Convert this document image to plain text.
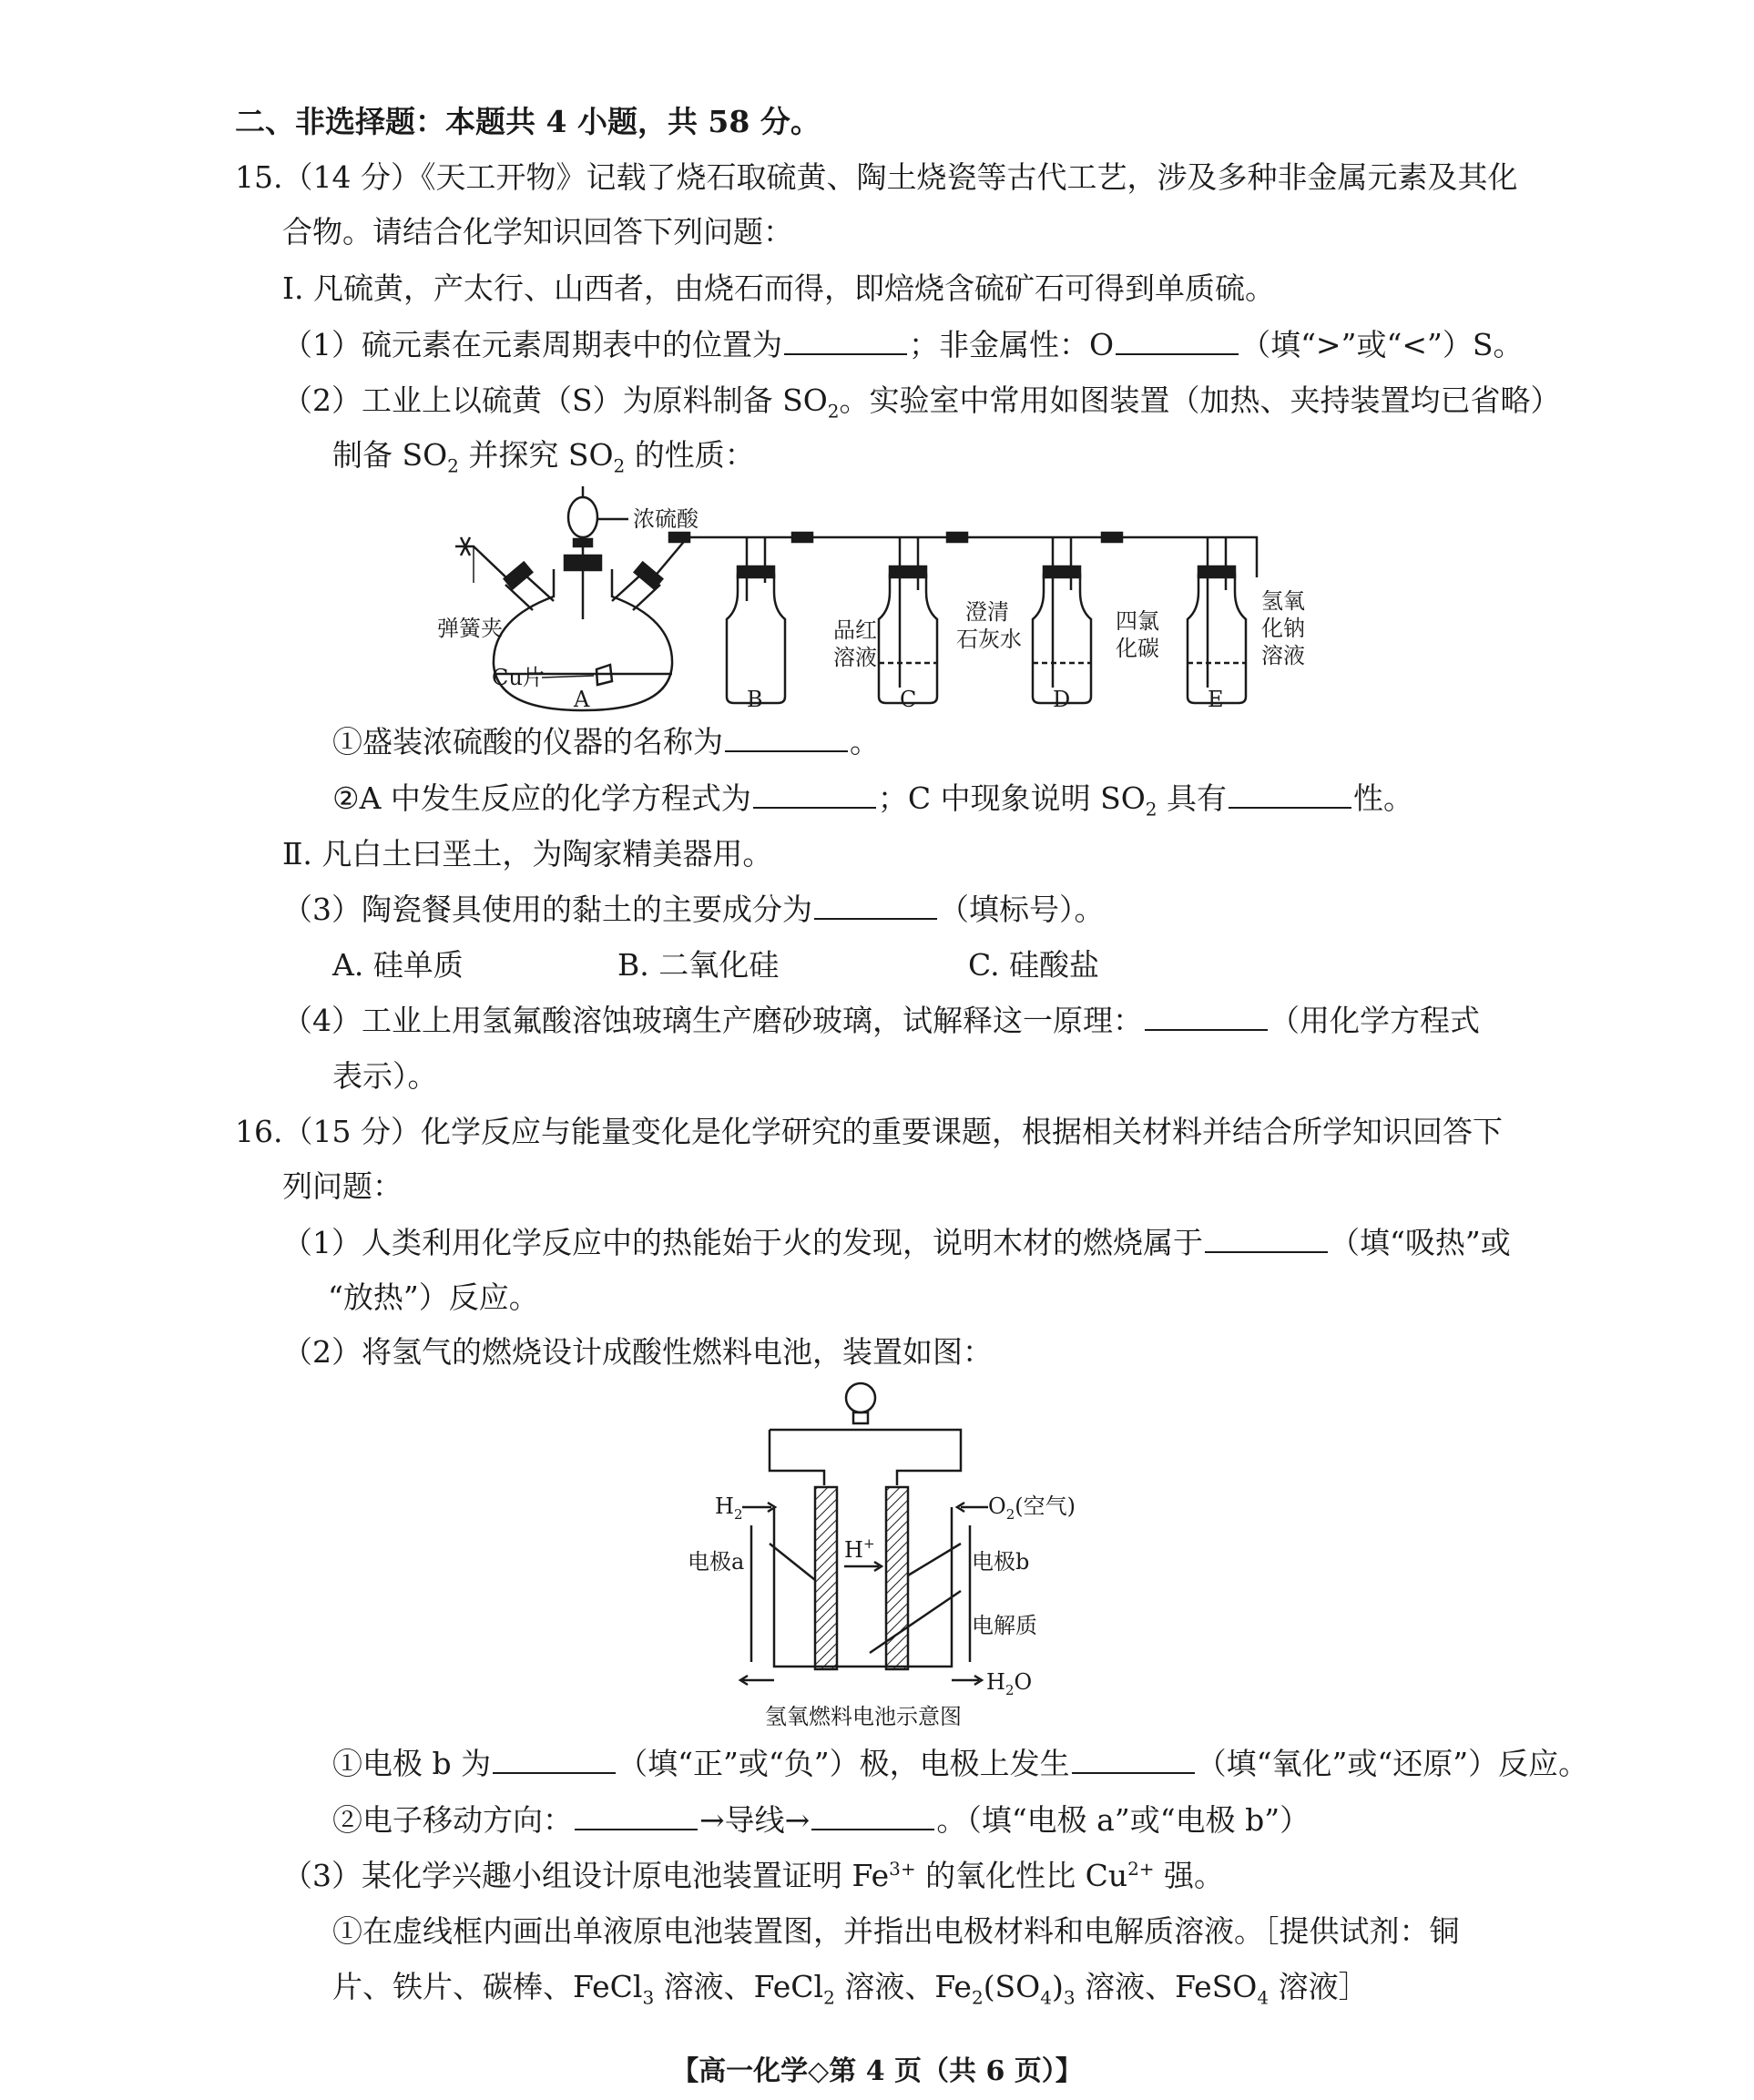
二、非选择题：本题共 4 小题，共 58 分。
15.（14 分）《天工开物》记载了烧石取硫黄、陶土烧瓷等古代工艺，涉及多种非金属元素及其化
合物。请结合化学知识回答下列问题：
Ⅰ. 凡硫黄，产太行、山西者，由烧石而得，即焙烧含硫矿石可得到单质硫。
（1）硫元素在元素周期表中的位置为	；非金属性：O	（填“>”或“<”）S。
（2）工业上以硫黄（S）为原料制备 $SO_2$。实验室中常用如图装置（加热、夹持装置均已省略）
制备 $SO_2$ 并探究 $SO_2$ 的性质：
浓硫酸
弹簧夹
Cu片
品红
溶液
澄清
石灰水
四氯
化碳
氢氧
化钠
溶液
A	B	C	D	E
①盛装浓硫酸的仪器的名称为	。
②A 中发生反应的化学方程式为	；C 中现象说明 $SO_2$ 具有	性。
Ⅱ. 凡白土曰垩土，为陶家精美器用。
（3）陶瓷餐具使用的黏土的主要成分为	（填标号）。
A. 硅单质	B. 二氧化硅	C. 硅酸盐
（4）工业上用氢氟酸溶蚀玻璃生产磨砂玻璃，试解释这一原理：	（用化学方程式
表示）。
16.（15 分）化学反应与能量变化是化学研究的重要课题，根据相关材料并结合所学知识回答下
列问题：
（1）人类利用化学反应中的热能始于火的发现，说明木材的燃烧属于	（填“吸热”或
“放热”）反应。
（2）将氢气的燃烧设计成酸性燃料电池，装置如图：
$H_2$	$O_2$(空气)
H+
电极a	电极b
电解质
$H_2O$
氢氧燃料电池示意图
①电极 b 为	（填“正”或“负”）极，电极上发生	（填“氧化”或“还原”）反应。
②电子移动方向：	→导线→	。（填“电极 a”或“电极 b”）
（3）某化学兴趣小组设计原电池装置证明 $Fe^{3+}$ 的氧化性比 $Cu^{2+}$ 强。
①在虚线框内画出单液原电池装置图，并指出电极材料和电解质溶液。［提供试剂：铜
片、铁片、碳棒、FeCl$_3$ 溶液、FeCl$_2$ 溶液、$Fe_2(SO_4)_3$ 溶液、FeSO$_4$ 溶液］
【高一化学◇第 4 页（共 6 页）】
